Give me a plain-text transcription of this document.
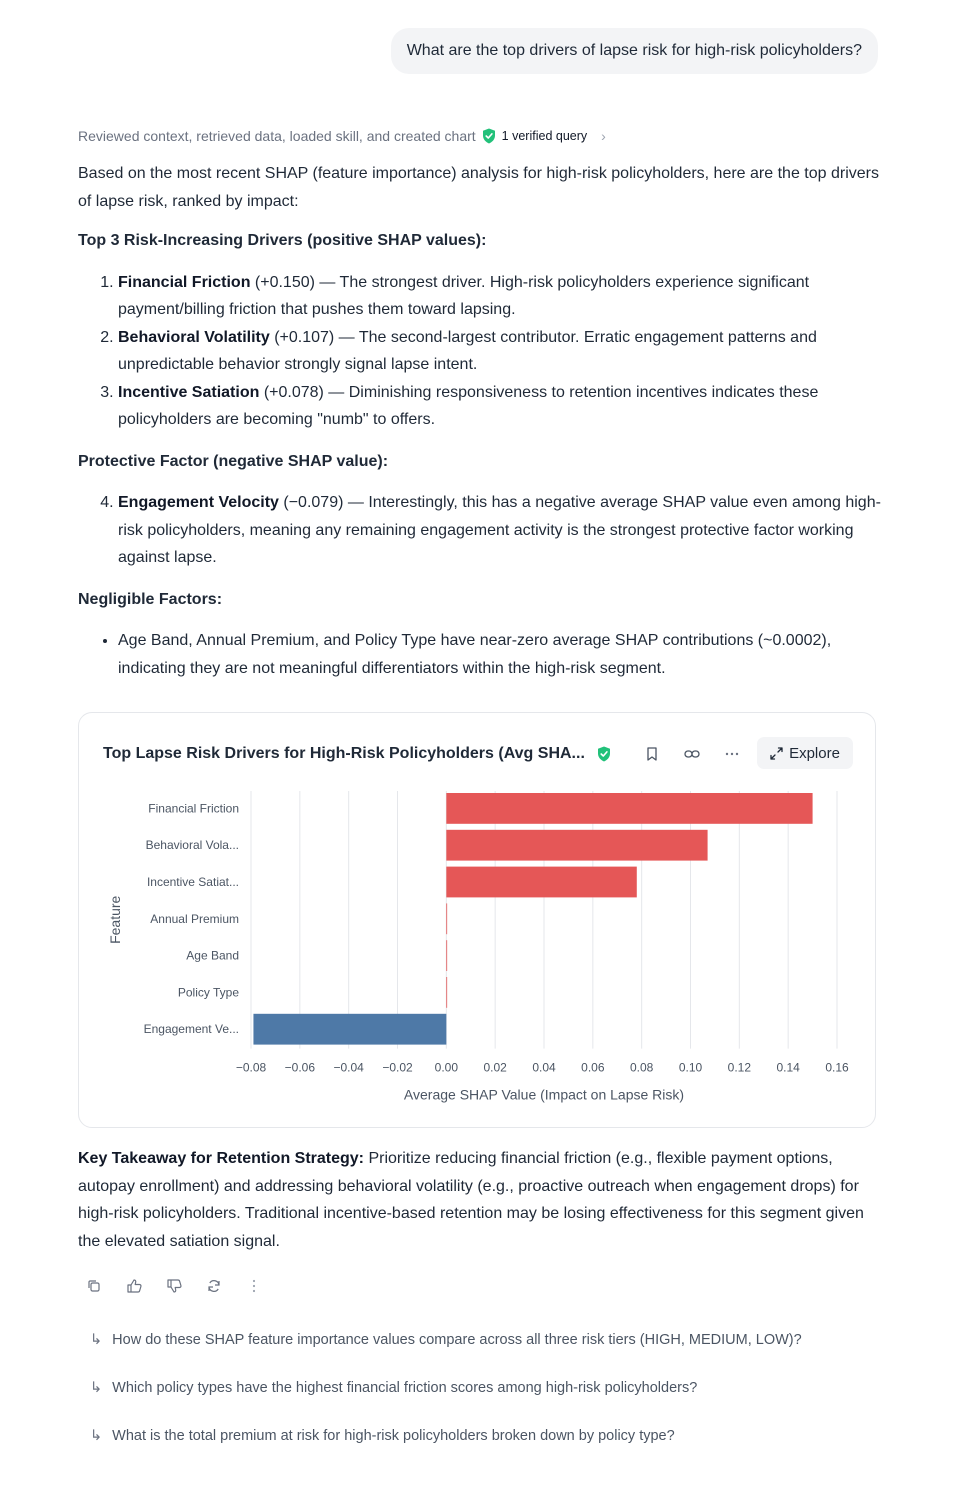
What are the top drivers of lapse risk for high-risk policyholders?
Reviewed context, retrieved data, loaded skill, and created chart 1 verified query ›

Based on the most recent SHAP (feature importance) analysis for high-risk policyholders, here are the top drivers of lapse risk, ranked by impact:

Top 3 Risk-Increasing Drivers (positive SHAP values):

1. Financial Friction (+0.150) — The strongest driver. High-risk policyholders experience significant payment/billing friction that pushes them toward lapsing.
2. Behavioral Volatility (+0.107) — The second-largest contributor. Erratic engagement patterns and unpredictable behavior strongly signal lapse intent.
3. Incentive Satiation (+0.078) — Diminishing responsiveness to retention incentives indicates these policyholders are becoming "numb" to offers.

Protective Factor (negative SHAP value):

4. Engagement Velocity (−0.079) — Interestingly, this has a negative average SHAP value even among high-risk policyholders, meaning any remaining engagement activity is the strongest protective factor working against lapse.

Negligible Factors:

• Age Band, Annual Premium, and Policy Type have near-zero average SHAP contributions (~0.0002), indicating they are not meaningful differentiators within the high-risk segment.
Top Lapse Risk Drivers for High-Risk Policyholders (Avg SHA...	Explore
−0.08 −0.06 −0.04 −0.02 0.00 0.02 0.04 0.06 0.08 0.10 0.12 0.14 0.16
Financial Friction
Behavioral Vola...
Incentive Satiat...
Annual Premium
Age Band
Policy Type
Engagement Ve...
Average SHAP Value (Impact on Lapse Risk)
Feature

Key Takeaway for Retention Strategy: Prioritize reducing financial friction (e.g., flexible payment options, autopay enrollment) and addressing behavioral volatility (e.g., proactive outreach when engagement drops) for high-risk policyholders. Traditional incentive-based retention may be losing effectiveness for this segment given the elevated satiation signal.

↳ How do these SHAP feature importance values compare across all three risk tiers (HIGH, MEDIUM, LOW)?
↳ Which policy types have the highest financial friction scores among high-risk policyholders?
↳ What is the total premium at risk for high-risk policyholders broken down by policy type?
